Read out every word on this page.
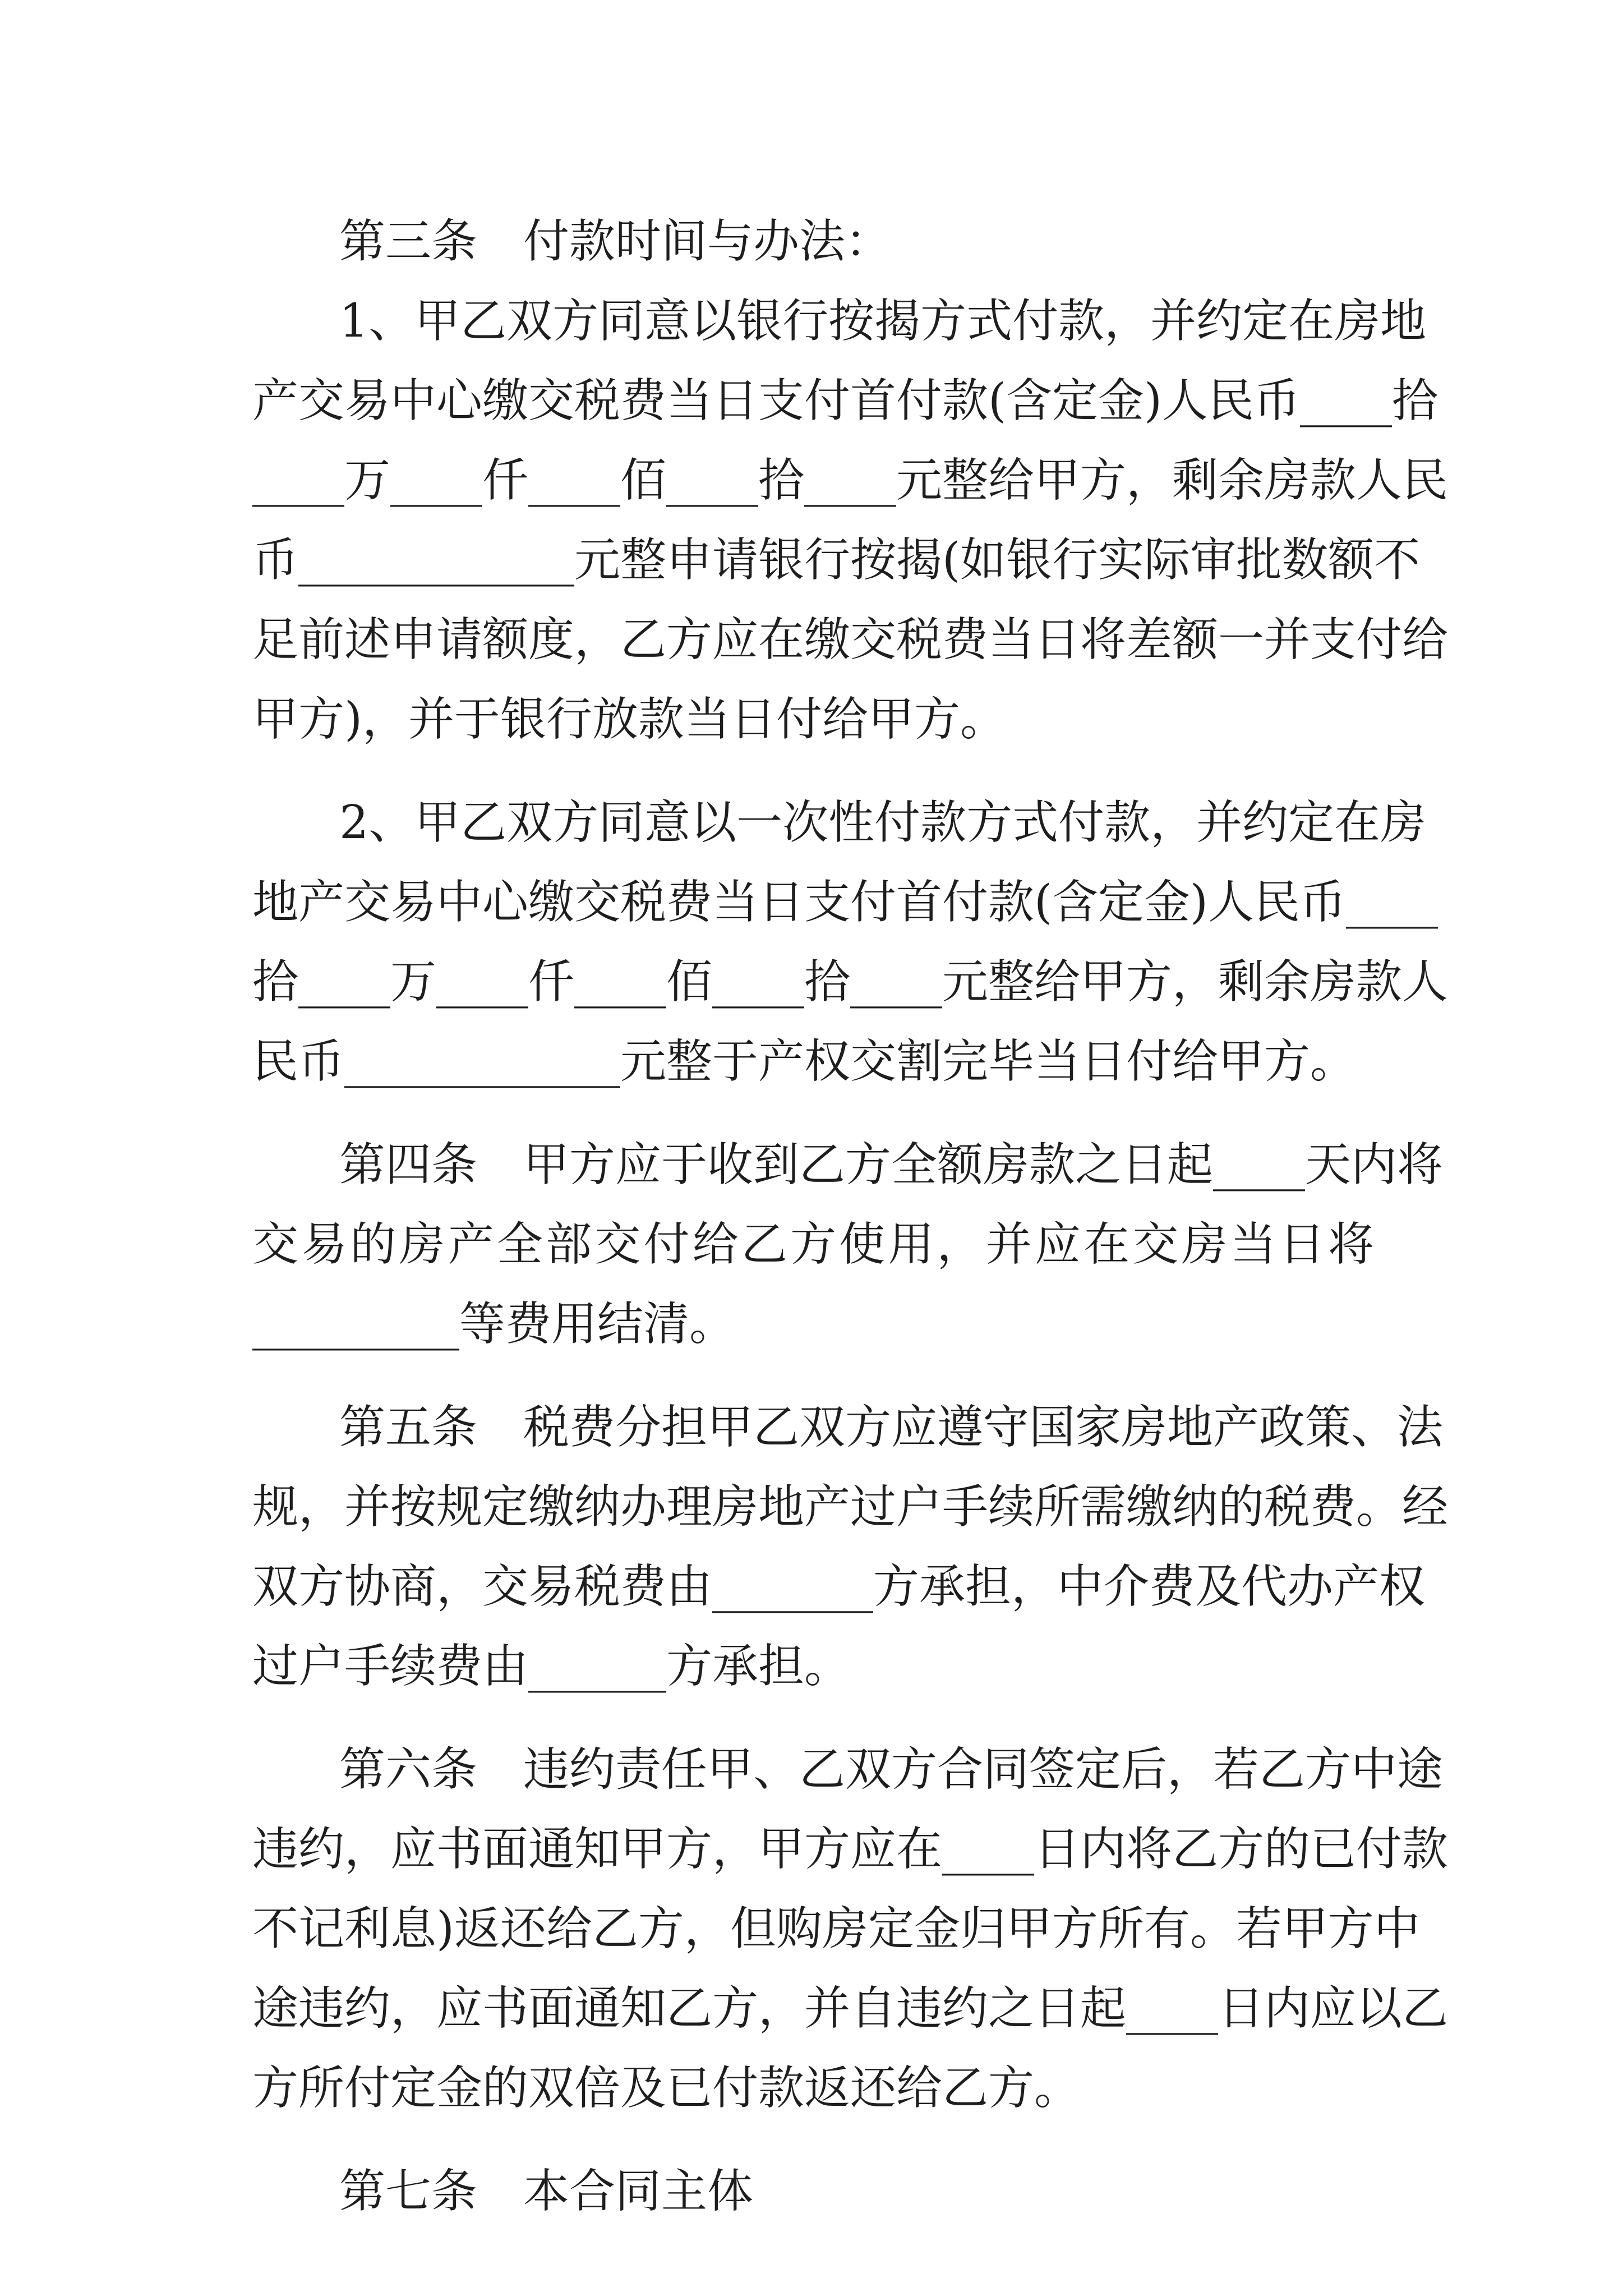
第三条　付款时间与办法：
1、甲乙双方同意以银行按揭方式付款，并约定在房地
产交易中心缴交税费当日支付首付款(含定金)人民币____拾
____万____仟____佰____拾____元整给甲方，剩余房款人民
币____________元整申请银行按揭(如银行实际审批数额不
足前述申请额度，乙方应在缴交税费当日将差额一并支付给
甲方)，并于银行放款当日付给甲方。
2、甲乙双方同意以一次性付款方式付款，并约定在房
地产交易中心缴交税费当日支付首付款(含定金)人民币____
拾____万____仟____佰____拾____元整给甲方，剩余房款人
民币____________元整于产权交割完毕当日付给甲方。
第四条　甲方应于收到乙方全额房款之日起____天内将
交易的房产全部交付给乙方使用，并应在交房当日将
_________等费用结清。
第五条　税费分担甲乙双方应遵守国家房地产政策、法
规，并按规定缴纳办理房地产过户手续所需缴纳的税费。经
双方协商，交易税费由_______方承担，中介费及代办产权
过户手续费由______方承担。
第六条　违约责任甲、乙双方合同签定后，若乙方中途
违约，应书面通知甲方，甲方应在____日内将乙方的已付款
不记利息)返还给乙方，但购房定金归甲方所有。若甲方中
途违约，应书面通知乙方，并自违约之日起____日内应以乙
方所付定金的双倍及已付款返还给乙方。
第七条　本合同主体
